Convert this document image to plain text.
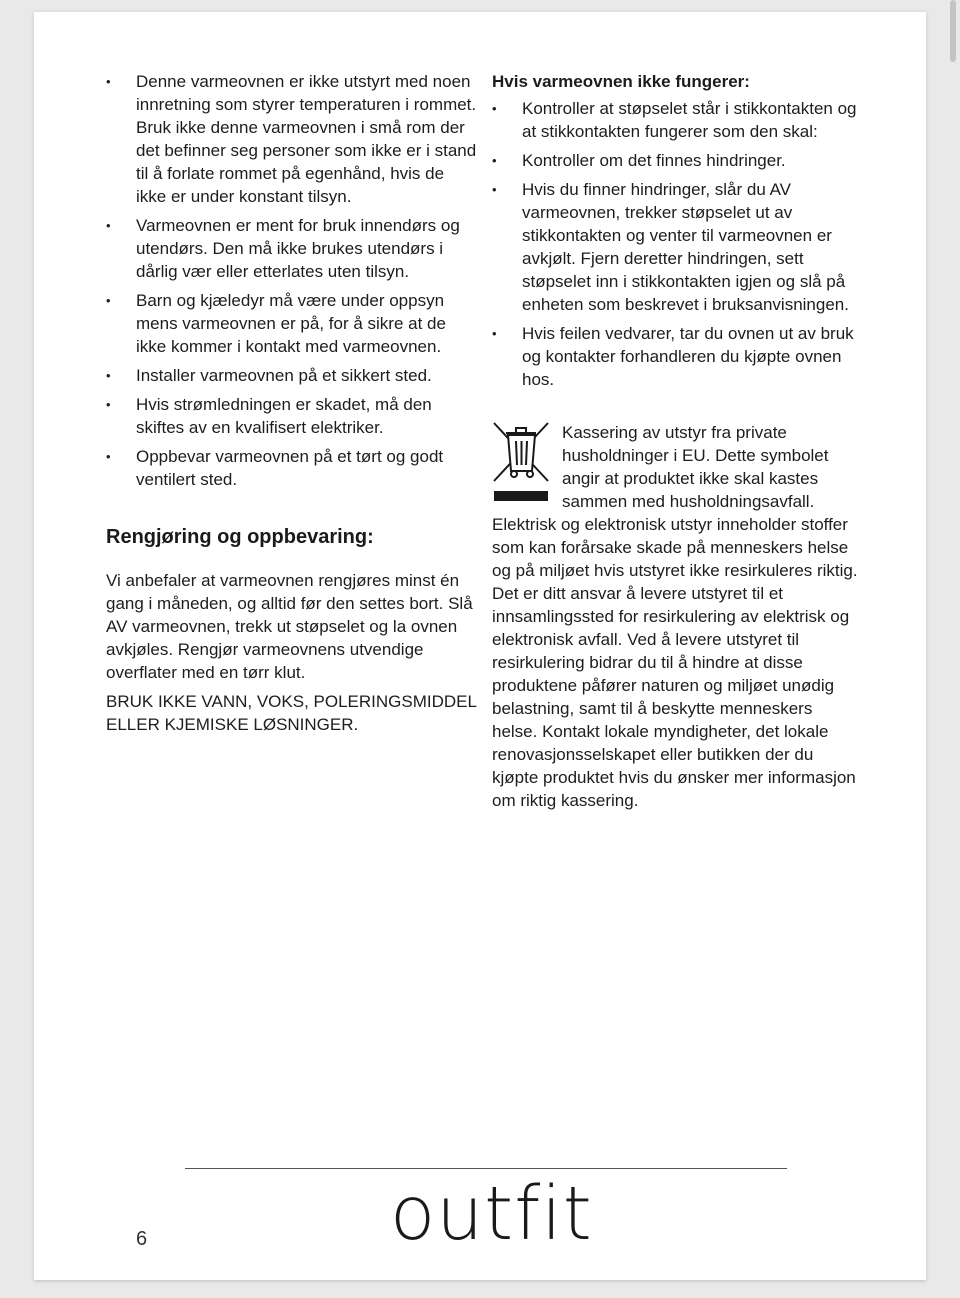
• Denne varmeovnen er ikke utstyrt med noen innretning som styrer temperaturen i rommet. Bruk ikke denne varmeovnen i små rom der det befinner seg personer som ikke er i stand til å forlate rommet på egenhånd, hvis de ikke er under konstant tilsyn.
• Varmeovnen er ment for bruk innendørs og utendørs. Den må ikke brukes utendørs i dårlig vær eller etterlates uten tilsyn.
• Barn og kjæledyr må være under oppsyn mens varmeovnen er på, for å sikre at de ikke kommer i kontakt med varmeovnen.
• Installer varmeovnen på et sikkert sted.
• Hvis strømledningen er skadet, må den skiftes av en kvalifisert elektriker.
• Oppbevar varmeovnen på et tørt og godt ventilert sted.
Rengjøring og oppbevaring:

Vi anbefaler at varmeovnen rengjøres minst én gang i måneden, og alltid før den settes bort. Slå AV varmeovnen, trekk ut støpselet og la ovnen avkjøles. Rengjør varmeovnens utvendige overflater med en tørr klut.

BRUK IKKE VANN, VOKS, POLERINGSMIDDEL ELLER KJEMISKE LØSNINGER.

Hvis varmeovnen ikke fungerer:
• Kontroller at støpselet står i stikkontakten og at stikkontakten fungerer som den skal:
• Kontroller om det finnes hindringer.
• Hvis du finner hindringer, slår du AV varmeovnen, trekker støpselet ut av stikkontakten og venter til varmeovnen er avkjølt. Fjern deretter hindringen, sett støpselet inn i stikkontakten igjen og slå på enheten som beskrevet i bruksanvisningen.
• Hvis feilen vedvarer, tar du ovnen ut av bruk og kontakter forhandleren du kjøpte ovnen hos.

Kassering av utstyr fra private husholdninger i EU. Dette symbolet angir at produktet ikke skal kastes sammen med husholdningsavfall.

Elektrisk og elektronisk utstyr inneholder stoffer som kan forårsake skade på menneskers helse og på miljøet hvis utstyret ikke resirkuleres riktig. Det er ditt ansvar å levere utstyret til et innsamlingssted for resirkulering av elektrisk og elektronisk avfall. Ved å levere utstyret til resirkulering bidrar du til å hindre at disse produktene påfører naturen og miljøet unødig belastning, samt til å beskytte menneskers helse. Kontakt lokale myndigheter, det lokale renovasjonsselskapet eller butikken der du kjøpte produktet hvis du ønsker mer informasjon om riktig kassering.

6	outfit
